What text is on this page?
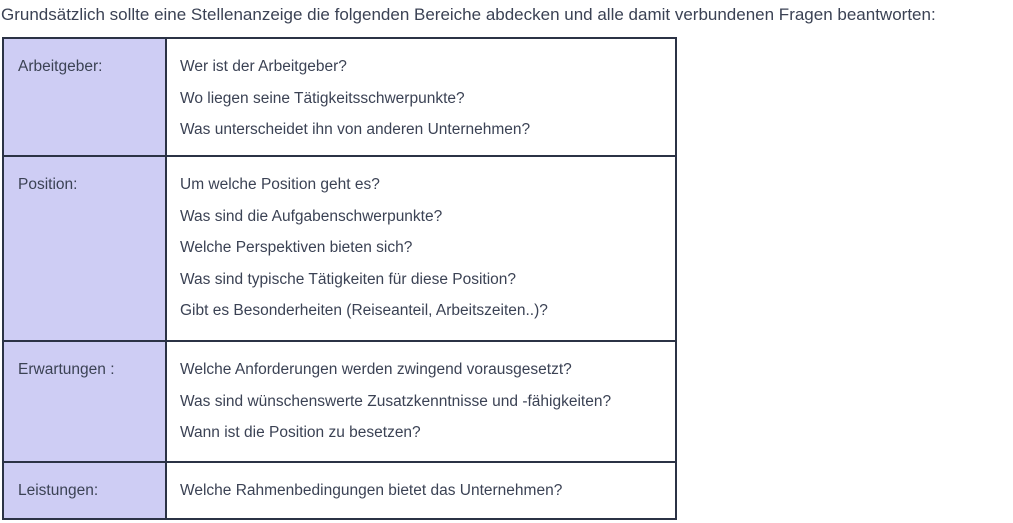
Grundsätzlich sollte eine Stellenanzeige die folgenden Bereiche abdecken und alle damit verbundenen Fragen beantworten:
Arbeitgeber:	Wer ist der Arbeitgeber?
Wo liegen seine Tätigkeitsschwerpunkte?
Was unterscheidet ihn von anderen Unternehmen?

Position:	Um welche Position geht es?
Was sind die Aufgabenschwerpunkte?
Welche Perspektiven bieten sich?
Was sind typische Tätigkeiten für diese Position?
Gibt es Besonderheiten (Reiseanteil, Arbeitszeiten..)?

Erwartungen :	Welche Anforderungen werden zwingend vorausgesetzt?
Was sind wünschenswerte Zusatzkenntnisse und -fähigkeiten?
Wann ist die Position zu besetzen?

Leistungen:	Welche Rahmenbedingungen bietet das Unternehmen?
